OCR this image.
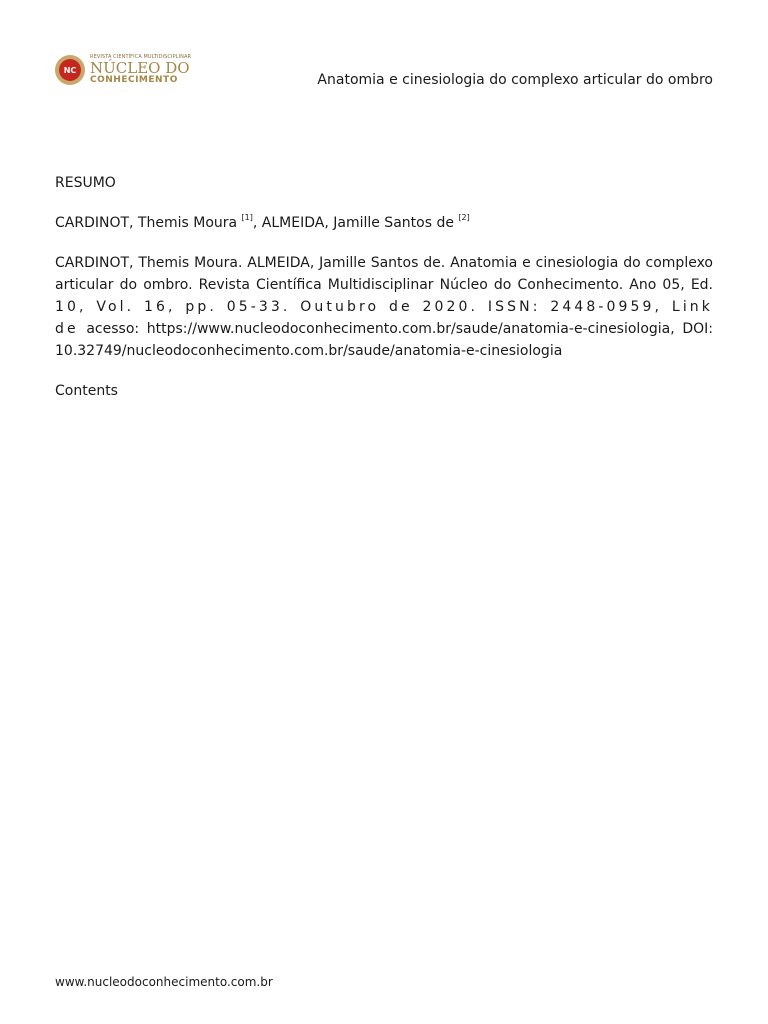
NC
REVISTA CIENTÍFICA MULTIDISCIPLINAR
NÚCLEO DO
CONHECIMENTO	Anatomia e cinesiologia do complexo articular do ombro

RESUMO

CARDINOT, Themis Moura [1], ALMEIDA, Jamille Santos de [2]

CARDINOT, Themis Moura. ALMEIDA, Jamille Santos de. Anatomia e cinesiologia do complexo articular do ombro. Revista Científica Multidisciplinar Núcleo do Conhecimento. Ano 05, Ed. 10, Vol. 16, pp. 05-33. Outubro de 2020. ISSN: 2448-0959, Link de acesso: https://www.nucleodoconhecimento.com.br/saude/anatomia-e-cinesiologia, DOI: 10.32749/nucleodoconhecimento.com.br/saude/anatomia-e-cinesiologia

Contents

www.nucleodoconhecimento.com.br
